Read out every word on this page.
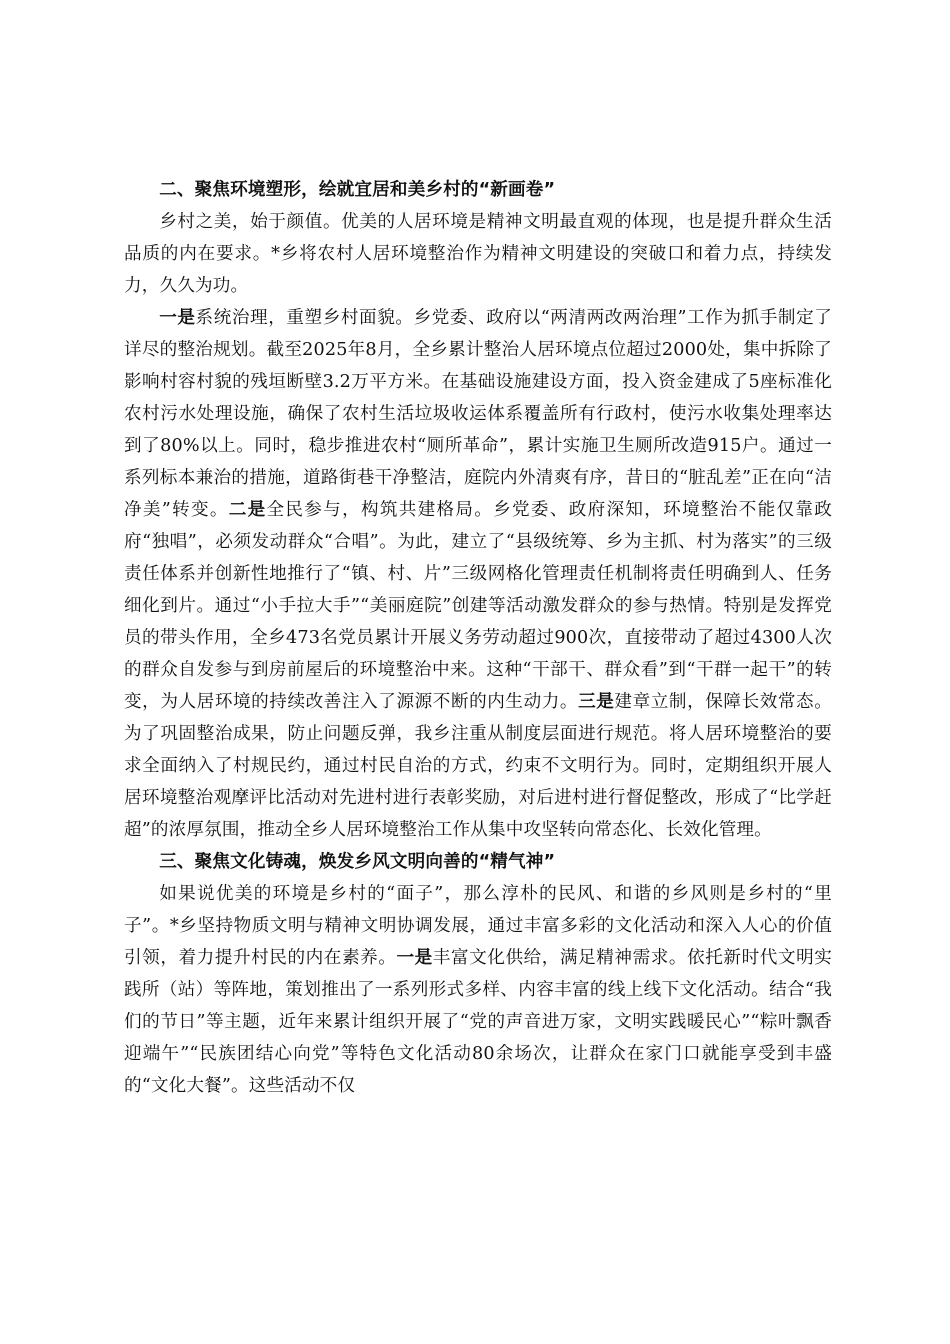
二、聚焦环境塑形，绘就宜居和美乡村的“新画卷”

乡村之美，始于颜值。优美的人居环境是精神文明最直观的体现，也是提升群众生活品质的内在要求。*乡将农村人居环境整治作为精神文明建设的突破口和着力点，持续发力，久久为功。

一是系统治理，重塑乡村面貌。乡党委、政府以“两清两改两治理”工作为抓手制定了详尽的整治规划。截至2025年8月，全乡累计整治人居环境点位超过2000处，集中拆除了影响村容村貌的残垣断壁3.2万平方米。在基础设施建设方面，投入资金建成了5座标准化农村污水处理设施，确保了农村生活垃圾收运体系覆盖所有行政村，使污水收集处理率达到了80%以上。同时，稳步推进农村“厕所革命”，累计实施卫生厕所改造915户。通过一系列标本兼治的措施，道路街巷干净整洁，庭院内外清爽有序，昔日的“脏乱差”正在向“洁净美”转变。二是全民参与，构筑共建格局。乡党委、政府深知，环境整治不能仅靠政府“独唱”，必须发动群众“合唱”。为此，建立了“县级统筹、乡为主抓、村为落实”的三级责任体系并创新性地推行了“镇、村、片”三级网格化管理责任机制将责任明确到人、任务细化到片。通过“小手拉大手”“美丽庭院”创建等活动激发群众的参与热情。特别是发挥党员的带头作用，全乡473名党员累计开展义务劳动超过900次，直接带动了超过4300人次的群众自发参与到房前屋后的环境整治中来。这种“干部干、群众看”到“干群一起干”的转变，为人居环境的持续改善注入了源源不断的内生动力。三是建章立制，保障长效常态。为了巩固整治成果，防止问题反弹，我乡注重从制度层面进行规范。将人居环境整治的要求全面纳入了村规民约，通过村民自治的方式，约束不文明行为。同时，定期组织开展人居环境整治观摩评比活动对先进村进行表彰奖励，对后进村进行督促整改，形成了“比学赶超”的浓厚氛围，推动全乡人居环境整治工作从集中攻坚转向常态化、长效化管理。

三、聚焦文化铸魂，焕发乡风文明向善的“精气神”

如果说优美的环境是乡村的“面子”，那么淳朴的民风、和谐的乡风则是乡村的“里子”。*乡坚持物质文明与精神文明协调发展，通过丰富多彩的文化活动和深入人心的价值引领，着力提升村民的内在素养。一是丰富文化供给，满足精神需求。依托新时代文明实践所（站）等阵地，策划推出了一系列形式多样、内容丰富的线上线下文化活动。结合“我们的节日”等主题，近年来累计组织开展了“党的声音进万家，文明实践暖民心”“粽叶飘香迎端午”“民族团结心向党”等特色文化活动80余场次，让群众在家门口就能享受到丰盛的“文化大餐”。这些活动不仅
